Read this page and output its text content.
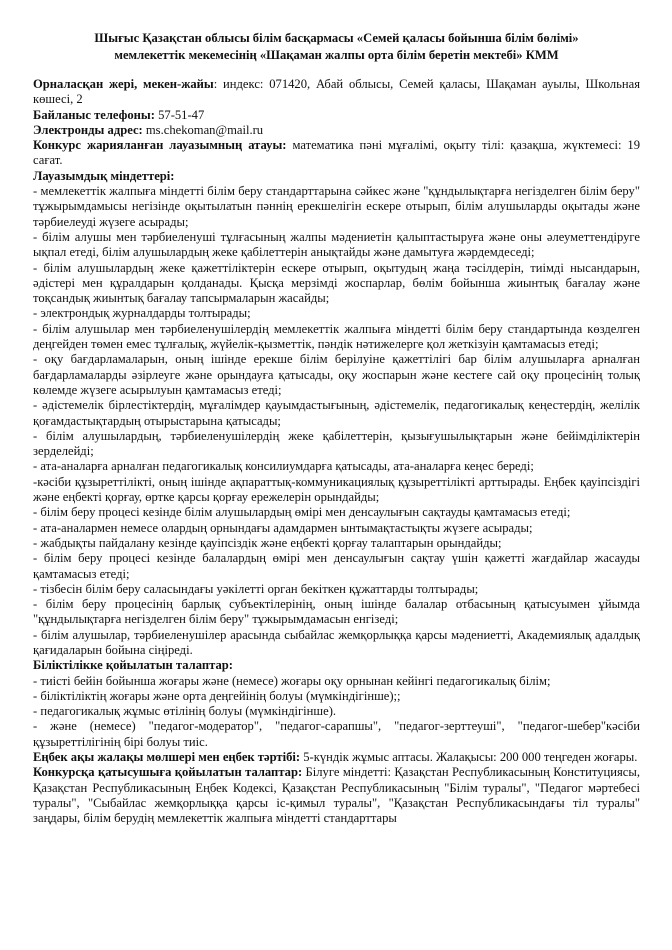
Шығыс Қазақстан облысы білім басқармасы «Семей қаласы бойынша білім бөлімі»
мемлекеттік мекемесінің «Шақаман жалпы орта білім беретін мектебі» КММ

Орналасқан жері, мекен-жайы: индекс: 071420, Абай облысы, Семей қаласы, Шақаман ауылы, Школьная көшесі, 2

Байланыс телефоны: 57-51-47

Электронды адрес: ms.chekoman@mail.ru

Конкурс жарияланған лауазымның атауы: математика пәні мұғалімі, оқыту тілі: қазақша, жүктемесі: 19 сағат.

Лауазымдық міндеттері:

- мемлекеттік жалпыға міндетті білім беру стандарттарына сәйкес және "құндылықтарға негізделген білім беру" тұжырымдамысы негізінде оқытылатын пәннің ерекшелігін ескере отырып, білім алушыларды оқытады және тәрбиелеуді жүзеге асырады;

- білім алушы мен тәрбиеленуші тұлғасының жалпы мәдениетін қалыптастыруға және оны әлеуметтендіруге ықпал етеді, білім алушылардың жеке қабілеттерін анықтайды және дамытуға жәрдемдеседі;

- білім алушылардың жеке қажеттіліктерін ескере отырып, оқытудың жаңа тәсілдерін, тиімді нысандарын, әдістері мен құралдарын қолданады. Қысқа мерзімді жоспарлар, бөлім бойынша жиынтық бағалау және тоқсандық жиынтық бағалау тапсырмаларын жасайды;

- электрондық журналдарды толтырады;

- білім алушылар мен тәрбиеленушілердің мемлекеттік жалпыға міндетті білім беру стандартында көзделген деңгейден төмен емес тұлғалық, жүйелік-қызметтік, пәндік нәтижелерге қол жеткізуін қамтамасыз етеді;

- оқу бағдарламаларын, оның ішінде ерекше білім берілуіне қажеттілігі бар білім алушыларға арналған бағдарламаларды әзірлеуге және орындауға қатысады, оқу жоспарын және кестеге сай оқу процесінің толық көлемде жүзеге асырылуын қамтамасыз етеді;

- әдістемелік бірлестіктердің, мұғалімдер қауымдастығының, әдістемелік, педагогикалық кеңестердің, желілік қоғамдастықтардың отырыстарына қатысады;

- білім алушылардың, тәрбиеленушілердің жеке қабілеттерін, қызығушылықтарын және бейімділіктерін зерделейді;

- ата-аналарға арналған педагогикалық консилиумдарға қатысады, ата-аналарға кеңес береді;

-кәсіби құзыреттілікті, оның ішінде ақпараттық-коммуникациялық құзыреттілікті арттырады. Еңбек қауіпсіздігі және еңбекті қорғау, өртке қарсы қорғау ережелерін орындайды;

- білім беру процесі кезінде білім алушылардың өмірі мен денсаулығын сақтауды қамтамасыз етеді;

- ата-аналармен немесе олардың орнындағы адамдармен ынтымақтастықты жүзеге асырады;

- жабдықты пайдалану кезінде қауіпсіздік және еңбекті қорғау талаптарын орындайды;

- білім беру процесі кезінде балалардың өмірі мен денсаулығын сақтау үшін қажетті жағдайлар жасауды қамтамасыз етеді;

- тізбесін білім беру саласындағы уәкілетті орган бекіткен құжаттарды толтырады;

- білім беру процесінің барлық субъектілерінің, оның ішінде балалар отбасының қатысуымен ұйымда "құндылықтарға негізделген білім беру" тұжырымдамасын енгізеді;

- білім алушылар, тәрбиеленушілер арасында сыбайлас жемқорлыққа қарсы мәдениетті, Академиялық адалдық қағидаларын бойына сіңіреді.

Біліктілікке қойылатын талаптар:

- тиісті бейін бойынша жоғары және (немесе) жоғары оқу орнынан кейінгі педагогикалық білім;

- біліктіліктің жоғары және орта деңгейінің болуы (мүмкіндігінше);;

- педагогикалық жұмыс өтілінің болуы (мүмкіндігінше).

- және (немесе) "педагог-модератор", "педагог-сарапшы", "педагог-зерттеуші", "педагог-шебер"кәсіби құзыреттілігінің бірі болуы тиіс.

Еңбек ақы жалақы мөлшері мен еңбек тәртібі: 5-күндік жұмыс аптасы. Жалақысы: 200 000 теңгеден жоғары.

Конкурсқа қатысушыға қойылатын талаптар: Білуге міндетті: Қазақстан Республикасының Конституциясы, Қазақстан Республикасының Еңбек Кодексі, Қазақстан Республикасының "Білім туралы", "Педагог мәртебесі туралы", "Сыбайлас жемқорлыққа қарсы іс-қимыл туралы", "Қазақстан Республикасындағы тіл туралы" заңдары, білім берудің мемлекеттік жалпыға міндетті стандарттары
